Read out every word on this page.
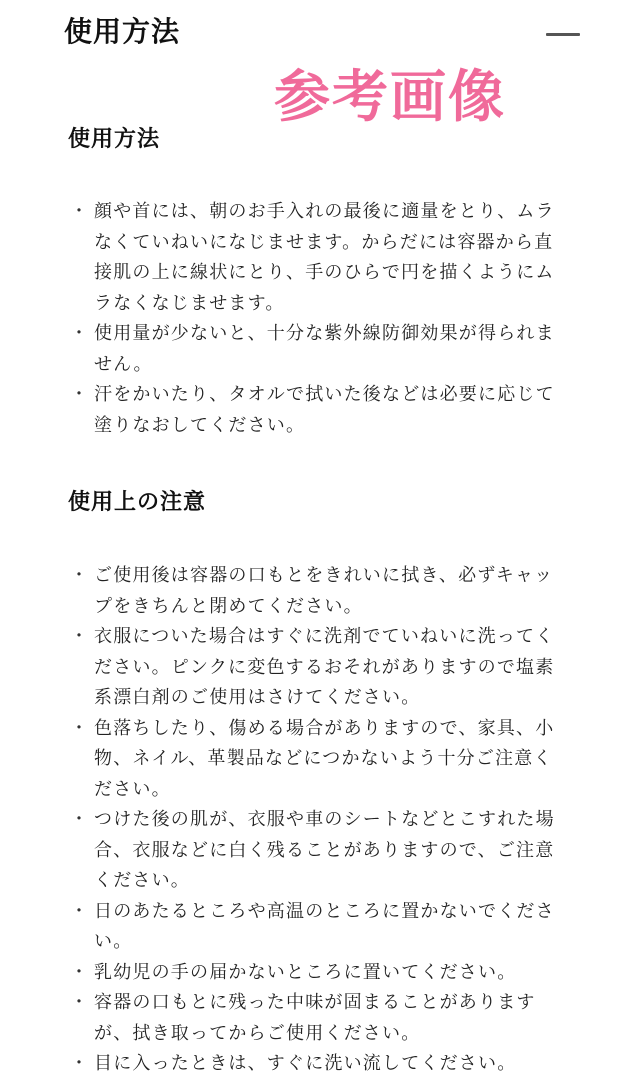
使用方法
参考画像
使用方法
・ 顔や首には、朝のお手入れの最後に適量をとり、ムラなくていねいになじませます。からだには容器から直接肌の上に線状にとり、手のひらで円を描くようにムラなくなじませます。
・ 使用量が少ないと、十分な紫外線防御効果が得られません。
・ 汗をかいたり、タオルで拭いた後などは必要に応じて塗りなおしてください。
使用上の注意
・ ご使用後は容器の口もとをきれいに拭き、必ずキャップをきちんと閉めてください。
・ 衣服についた場合はすぐに洗剤でていねいに洗ってください。ピンクに変色するおそれがありますので塩素系漂白剤のご使用はさけてください。
・ 色落ちしたり、傷める場合がありますので、家具、小物、ネイル、革製品などにつかないよう十分ご注意ください。
・ つけた後の肌が、衣服や車のシートなどとこすれた場合、衣服などに白く残ることがありますので、ご注意ください。
・ 日のあたるところや高温のところに置かないでください。
・ 乳幼児の手の届かないところに置いてください。
・ 容器の口もとに残った中味が固まることがありますが、拭き取ってからご使用ください。
・ 目に入ったときは、すぐに洗い流してください。
